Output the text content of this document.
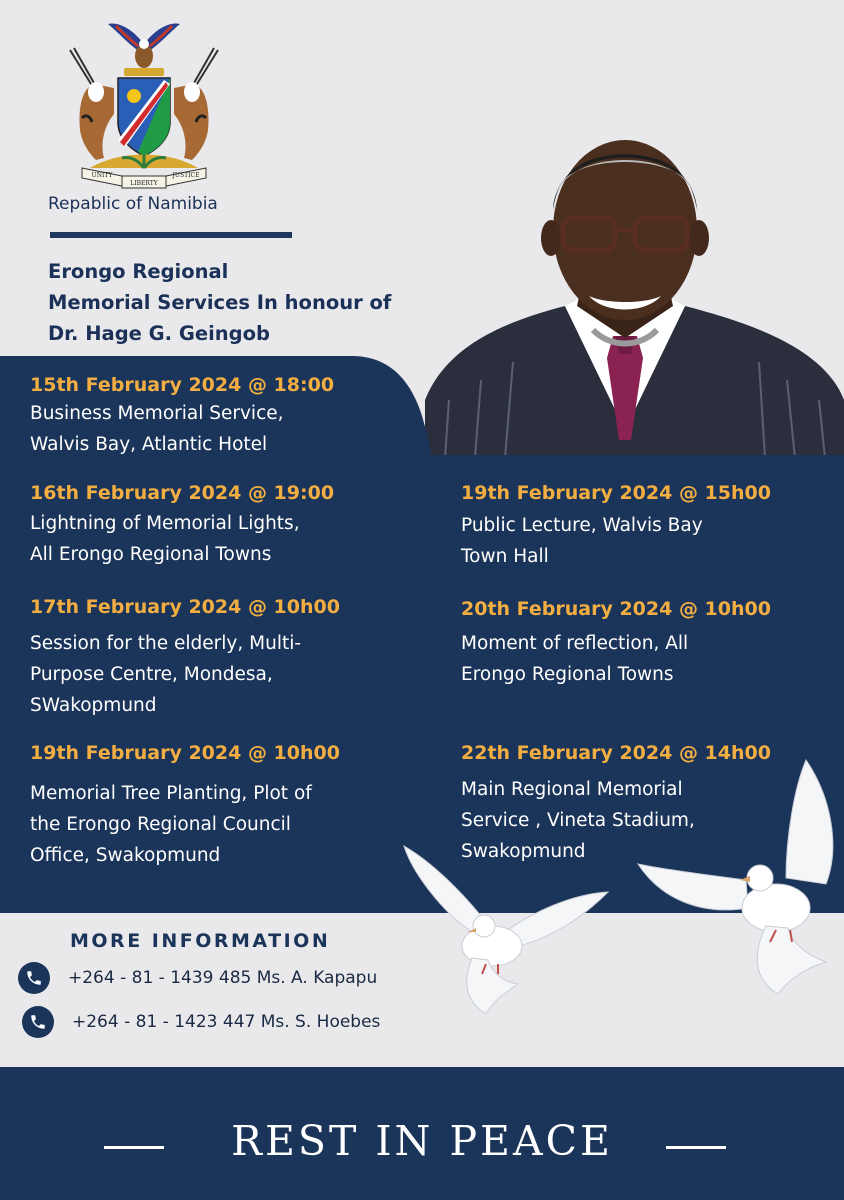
UNITY
LIBERTY
JUSTICE
Repablic of Namibia
Erongo Regional
Memorial Services In honour of
Dr. Hage G. Geingob
15th February 2024 @ 18:00
Business Memorial Service,
Walvis Bay, Atlantic Hotel
16th February 2024 @ 19:00
Lightning of Memorial Lights,
All Erongo Regional Towns
17th February 2024 @ 10h00
Session for the elderly, Multi-
Purpose Centre, Mondesa,
SWakopmund
19th February 2024 @ 10h00
Memorial Tree Planting, Plot of
the Erongo Regional Council
Office, Swakopmund
19th February 2024 @ 15h00
Public Lecture, Walvis Bay
Town Hall
20th February 2024 @ 10h00
Moment of reflection, All
Erongo Regional Towns
22th February 2024 @ 14h00
Main Regional Memorial
Service , Vineta Stadium,
Swakopmund
MORE INFORMATION
+264 - 81 - 1439 485 Ms. A. Kapapu
+264 - 81 - 1423 447 Ms. S. Hoebes
REST IN PEACE
